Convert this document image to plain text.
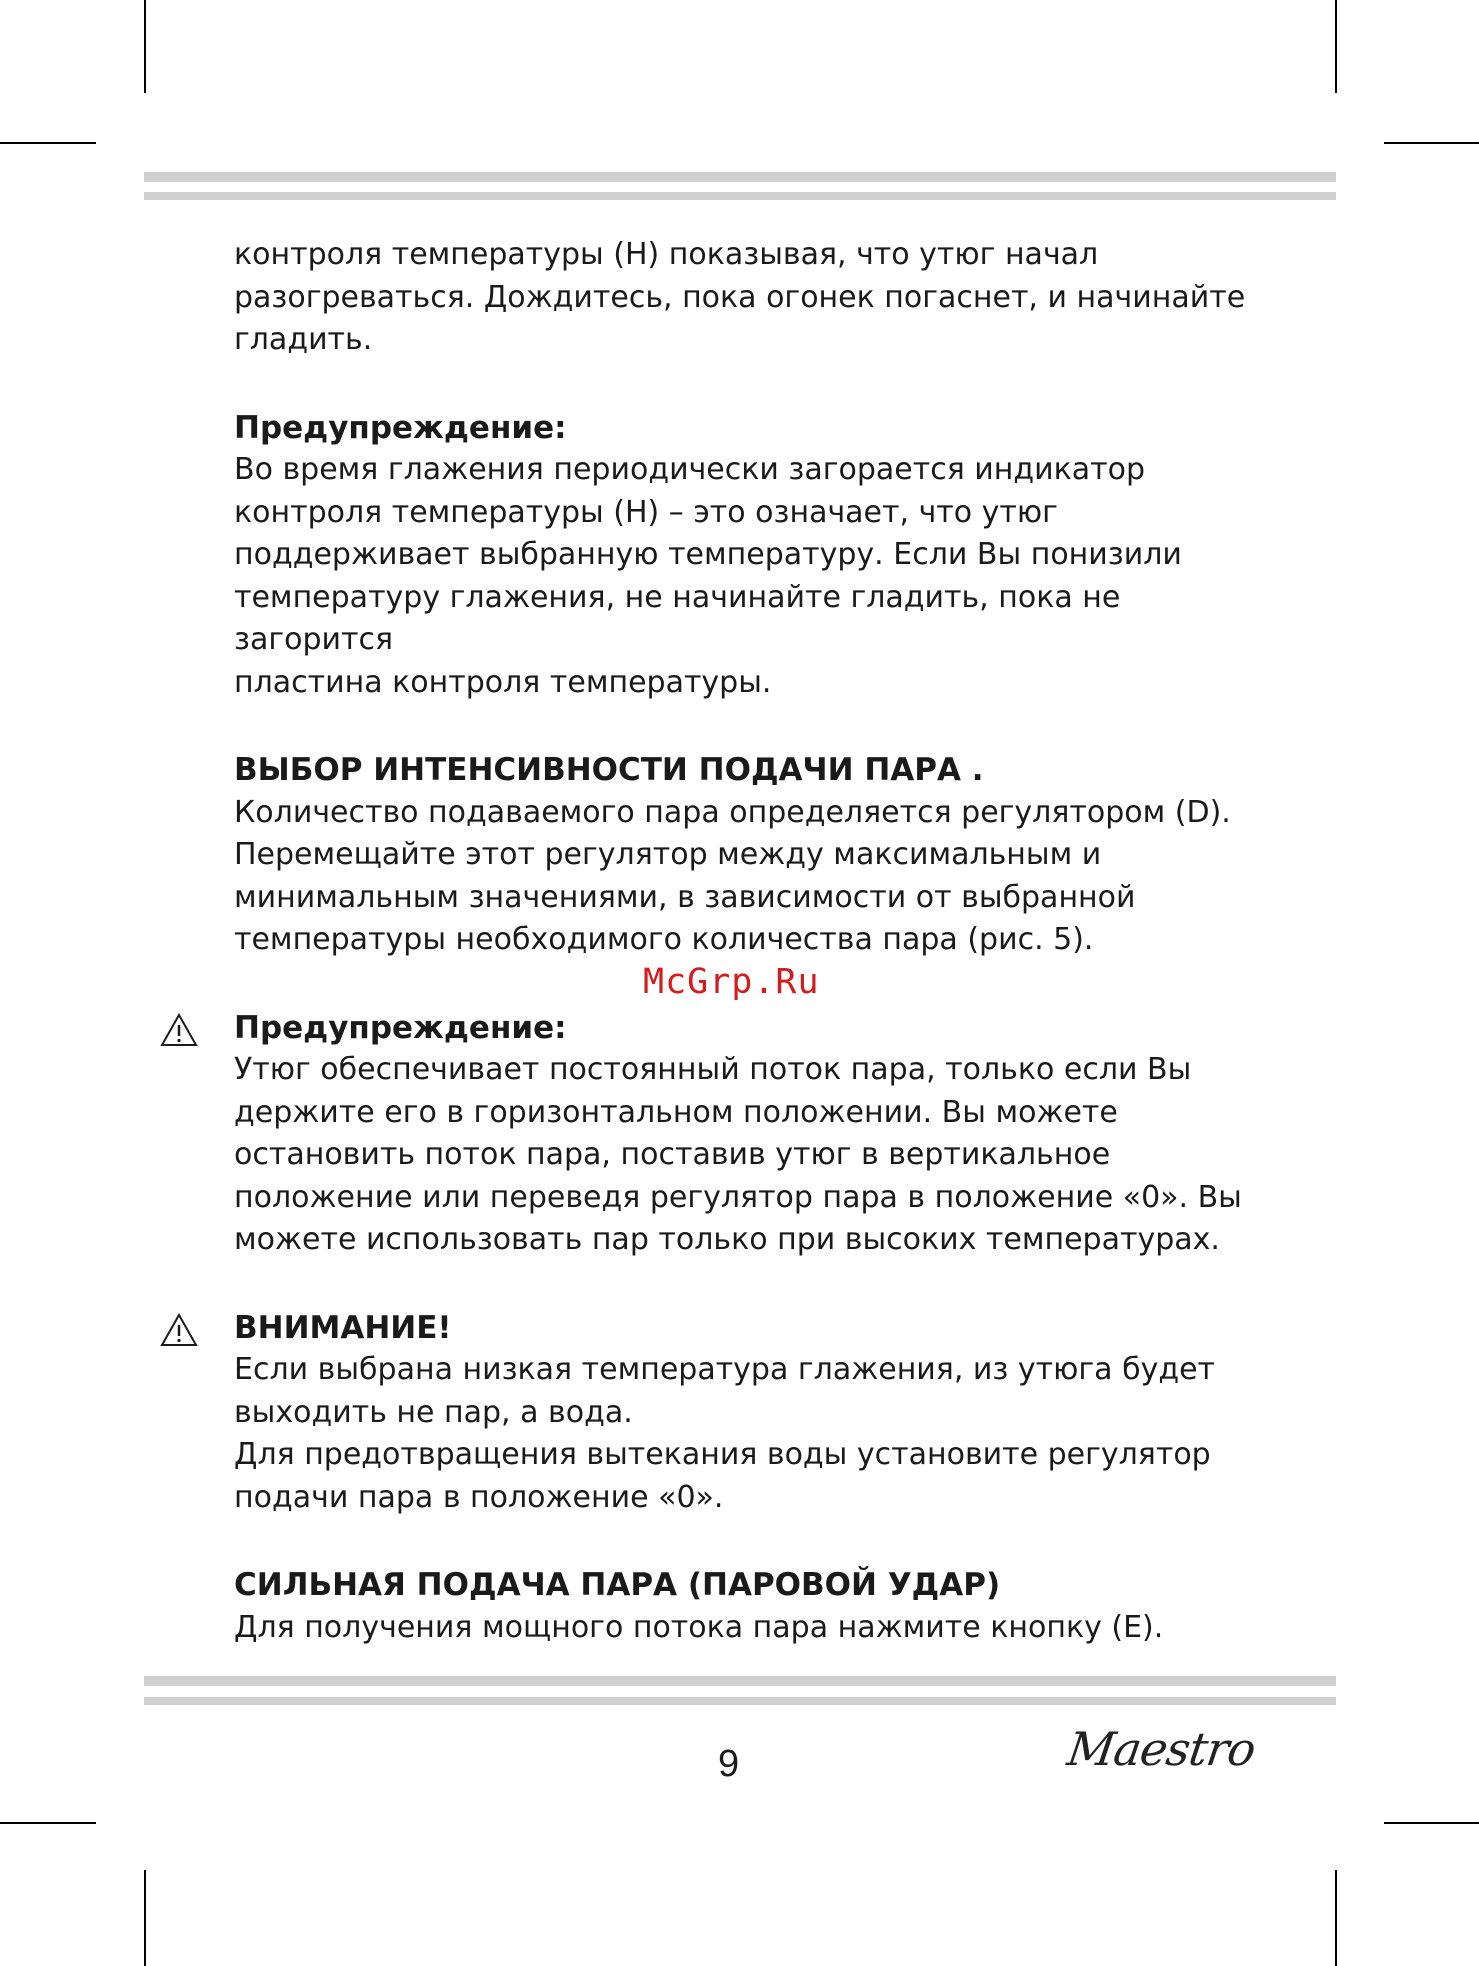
контроля температуры (H) показывая, что утюг начал

разогреваться. Дождитесь, пока огонек погаснет, и начинайте

гладить.

Предупреждение:

Во время глажения периодически загорается индикатор

контроля температуры (H) – это означает, что утюг

поддерживает выбранную температуру. Если Вы понизили

температуру глажения, не начинайте гладить, пока не загорится

пластина контроля температуры.

ВЫБОР ИНТЕНСИВНОСТИ ПОДАЧИ ПАРА .

Количество подаваемого пара определяется регулятором (D).

Перемещайте этот регулятор между максимальным и

минимальным значениями, в зависимости от выбранной

температуры необходимого количества пара (рис. 5).

Предупреждение:

Утюг обеспечивает постоянный поток пара, только если Вы

держите его в горизонтальном положении. Вы можете

остановить поток пара, поставив утюг в вертикальное

положение или переведя регулятор пара в положение «0». Вы

можете использовать пар только при высоких температурах.

ВНИМАНИЕ!

Если выбрана низкая температура глажения, из утюга будет

выходить не пар, а вода.

Для предотвращения вытекания воды установите регулятор

подачи пара в положение «0».

СИЛЬНАЯ ПОДАЧА ПАРА (ПАРОВОЙ УДАР)

Для получения мощного потока пара нажмите кнопку (E).

McGrp.Ru
9	Maestro
